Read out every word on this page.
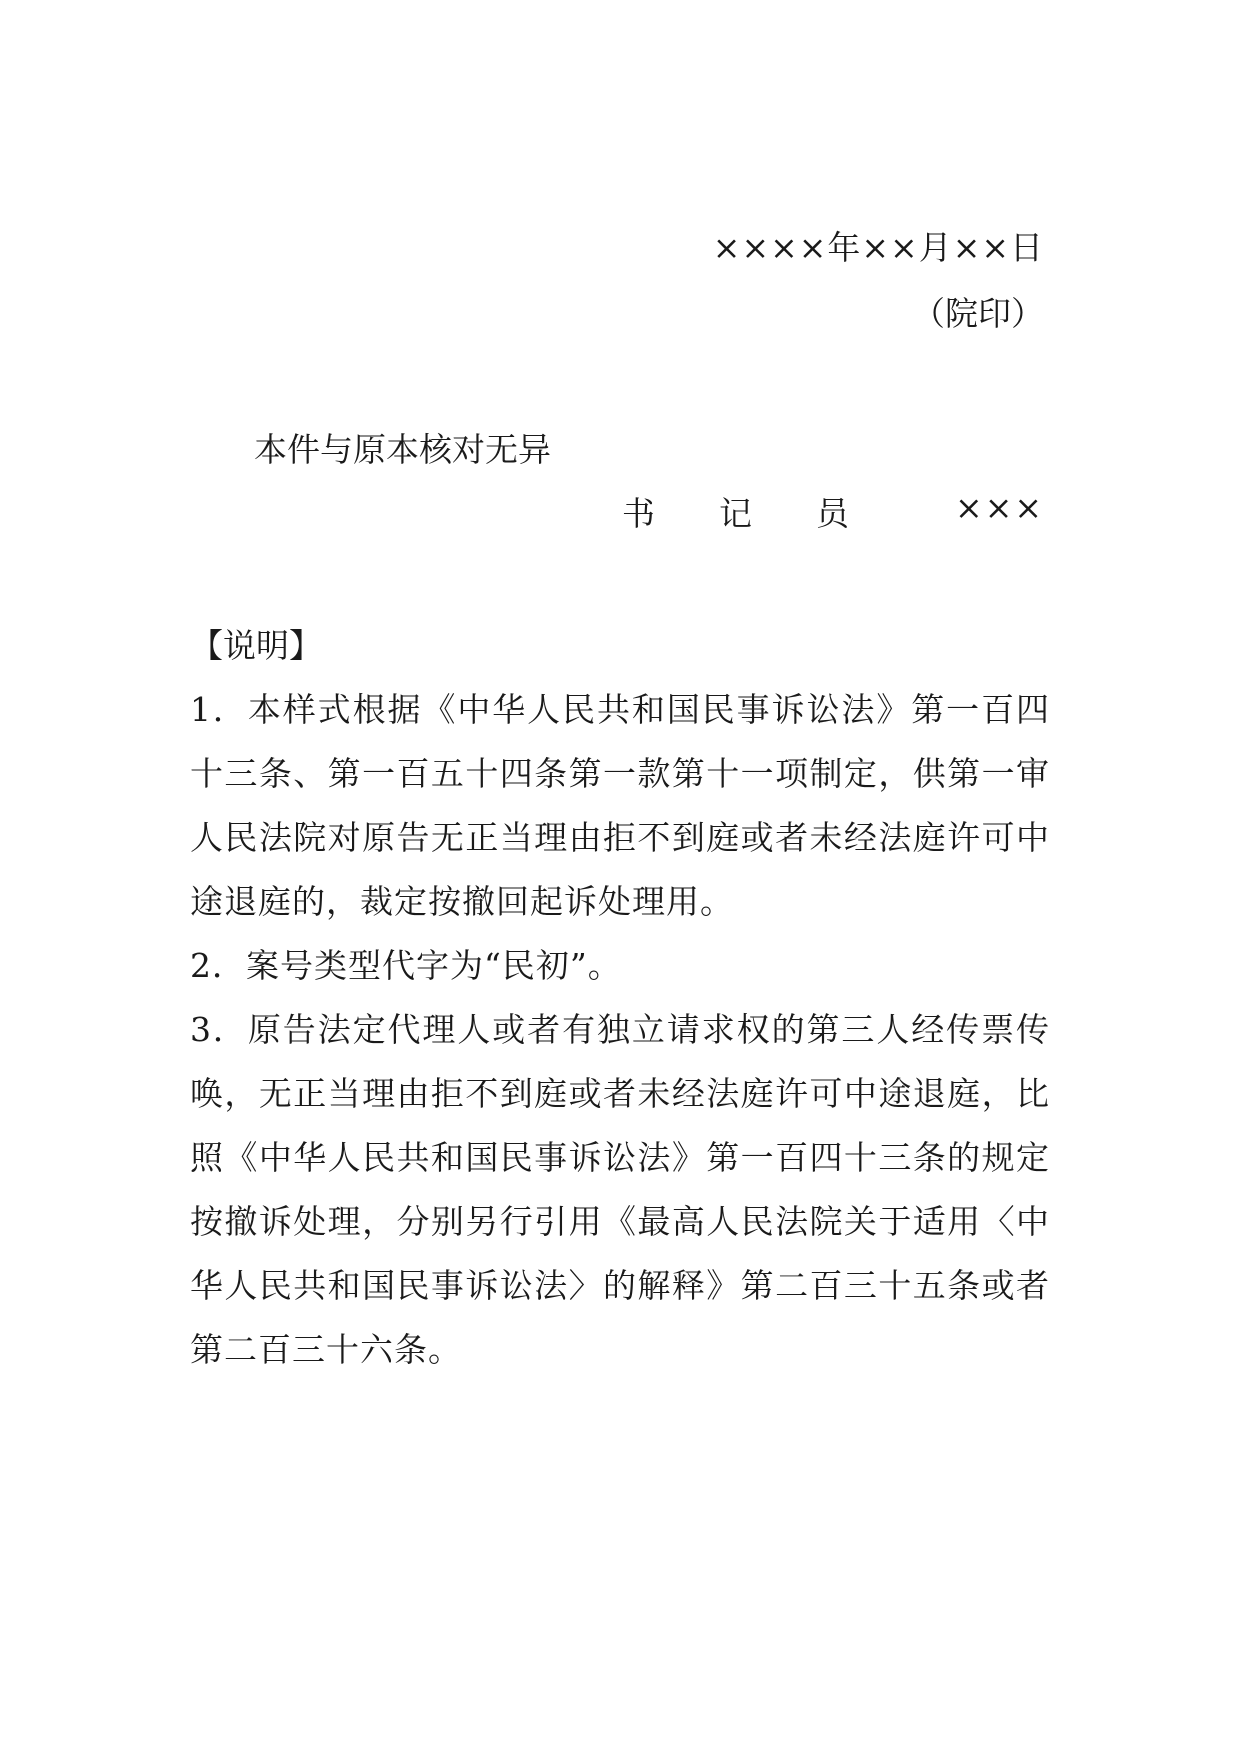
××××年××月××日
（院印）
本件与原本核对无异
书 记 员	×××
【说明】

1．本样式根据《中华人民共和国民事诉讼法》第一百四十三条、第一百五十四条第一款第十一项制定，供第一审人民法院对原告无正当理由拒不到庭或者未经法庭许可中途退庭的，裁定按撤回起诉处理用。

2．案号类型代字为“民初”。

3．原告法定代理人或者有独立请求权的第三人经传票传唤，无正当理由拒不到庭或者未经法庭许可中途退庭，比照《中华人民共和国民事诉讼法》第一百四十三条的规定按撤诉处理，分别另行引用《最高人民法院关于适用〈中华人民共和国民事诉讼法〉的解释》第二百三十五条或者第二百三十六条。
